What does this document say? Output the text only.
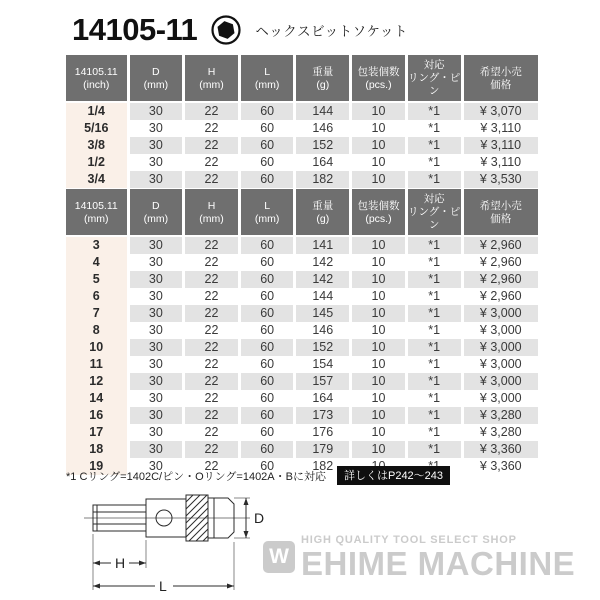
14105-11	ヘックスビットソケット
14105.11
(inch)

D
(mm)

H
(mm)

L
(mm)

重量
(g)

包装個数
(pcs.)

対応
リング・ピン

希望小売
価格

1/4	30	22	60	144	10	*1	¥ 3,070
5/16	30	22	60	146	10	*1	¥ 3,110
3/8	30	22	60	152	10	*1	¥ 3,110
1/2	30	22	60	164	10	*1	¥ 3,110
3/4	30	22	60	182	10	*1	¥ 3,530
14105.11
(mm)

D
(mm)

H
(mm)

L
(mm)

重量
(g)

包装個数
(pcs.)

対応
リング・ピン

希望小売
価格

3	30	22	60	141	10	*1	¥ 2,960
4	30	22	60	142	10	*1	¥ 2,960
5	30	22	60	142	10	*1	¥ 2,960
6	30	22	60	144	10	*1	¥ 2,960
7	30	22	60	145	10	*1	¥ 3,000
8	30	22	60	146	10	*1	¥ 3,000
10	30	22	60	152	10	*1	¥ 3,000
11	30	22	60	154	10	*1	¥ 3,000
12	30	22	60	157	10	*1	¥ 3,000
14	30	22	60	164	10	*1	¥ 3,000
16	30	22	60	173	10	*1	¥ 3,280
17	30	22	60	176	10	*1	¥ 3,280
18	30	22	60	179	10	*1	¥ 3,360
19	30	22	60	182			¥ 3,360
*1 Cリング=1402C/ピン・Oリング=1402A・Bに対応	詳しくはP242～243
D
H
L
W
HIGH QUALITY TOOL SELECT SHOP
EHIME MACHINE
